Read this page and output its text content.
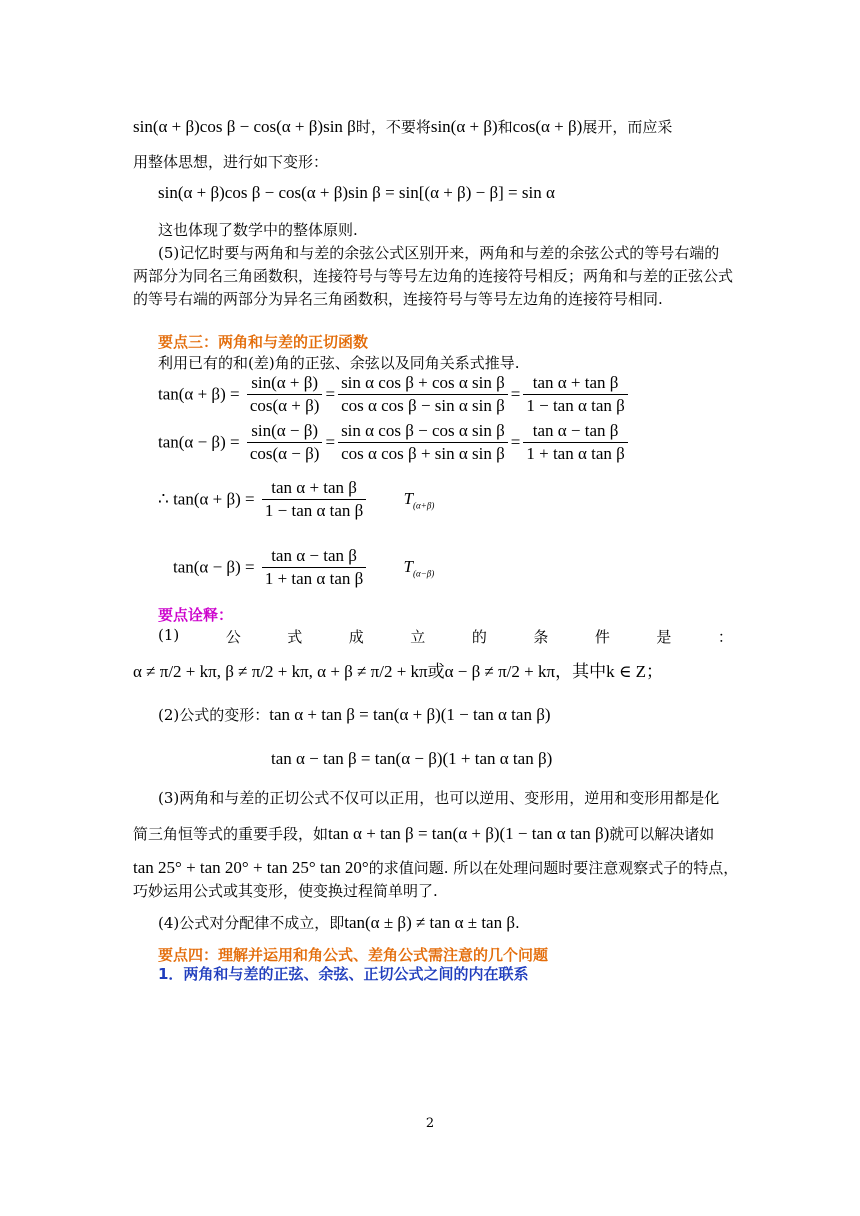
sin(α + β)cos β − cos(α + β)sin β时，不要将sin(α + β)和cos(α + β)展开，而应采
用整体思想，进行如下变形：
sin(α + β)cos β − cos(α + β)sin β = sin[(α + β) − β] = sin α
这也体现了数学中的整体原则.
(5)记忆时要与两角和与差的余弦公式区别开来，两角和与差的余弦公式的等号右端的
两部分为同名三角函数积，连接符号与等号左边角的连接符号相反；两角和与差的正弦公式
的等号右端的两部分为异名三角函数积，连接符号与等号左边角的连接符号相同.
要点三：两角和与差的正切函数
利用已有的和(差)角的正弦、余弦以及同角关系式推导.
$\tan(\alpha + \beta) = \frac{\sin(\alpha + \beta)}{\cos(\alpha + \beta)} = \frac{\text{sin α cos β + cos α sin β}}{\text{cos α cos β − sin α sin β}} = \frac{\text{tan α + tan β}}{\text{1 − tan α tan β}}$
$\tan(\alpha - \beta) = \frac{\sin(\alpha - \beta)}{\cos(\alpha - \beta)} = \frac{\text{sin α cos β − cos α sin β}}{\text{cos α cos β + sin α sin β}} = \frac{\text{tan α − tan β}}{\text{1 + tan α tan β}}$
∴ $\tan(\alpha + \beta) = \frac{\text{tan α + tan β}}{\text{1 − tan α tan β}} T_{(\alpha+\beta)}$
$\tan(\alpha - \beta) = \frac{\text{tan α − tan β}}{\text{1 + tan α tan β}} T_{(\alpha-\beta)}$
要点诠释：
(1)	公	式	成	立	的	条	件	是	：
α ≠ π/2 + kπ, β ≠ π/2 + kπ, α + β ≠ π/2 + kπ或α − β ≠ π/2 + kπ，其中k ∈ Z；
(2)公式的变形：tan α + tan β = tan(α + β)(1 − tan α tan β)
tan α − tan β = tan(α − β)(1 + tan α tan β)
(3)两角和与差的正切公式不仅可以正用，也可以逆用、变形用，逆用和变形用都是化
简三角恒等式的重要手段，如tan α + tan β = tan(α + β)(1 − tan α tan β)就可以解决诸如
tan 25° + tan 20° + tan 25° tan 20°的求值问题. 所以在处理问题时要注意观察式子的特点，
巧妙运用公式或其变形，使变换过程简单明了.
(4)公式对分配律不成立，即tan(α ± β) ≠ tan α ± tan β.
要点四：理解并运用和角公式、差角公式需注意的几个问题
1．两角和与差的正弦、余弦、正切公式之间的内在联系
2
